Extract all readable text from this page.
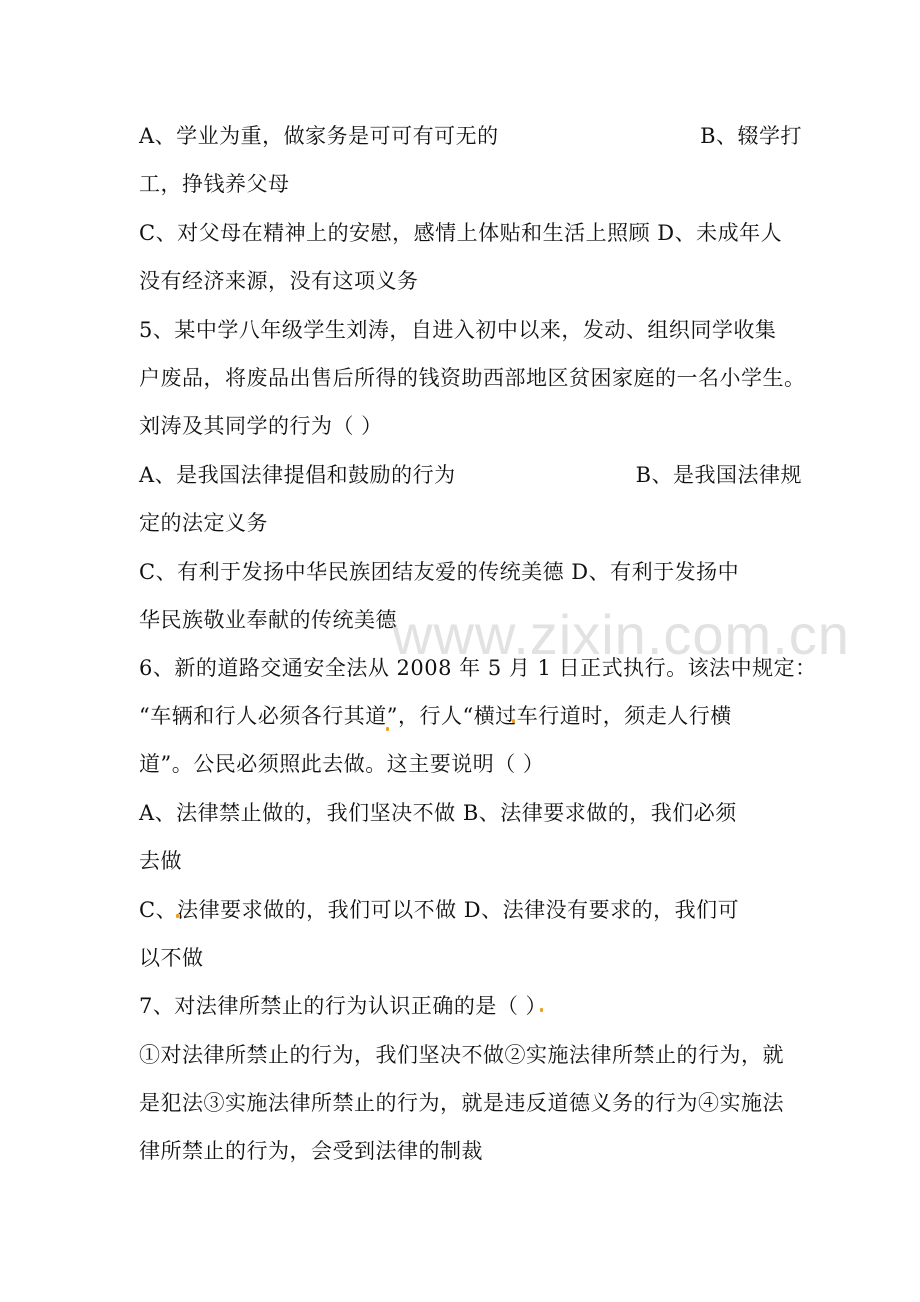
www.zixin.com.cn
A、学业为重，做家务是可可有可无的	B、辍学打
工，挣钱养父母
C、对父母在精神上的安慰，感情上体贴和生活上照顾 D、未成年人
没有经济来源，没有这项义务
5、某中学八年级学生刘涛，自进入初中以来，发动、组织同学收集
户废品，将废品出售后所得的钱资助西部地区贫困家庭的一名小学生。
刘涛及其同学的行为（ ）
A、是我国法律提倡和鼓励的行为	B、是我国法律规
定的法定义务
C、有利于发扬中华民族团结友爱的传统美德 D、有利于发扬中
华民族敬业奉献的传统美德
6、新的道路交通安全法从 2008 年 5 月 1 日正式执行。该法中规定：
“车辆和行人必须各行其道”，行人“横过车行道时，须走人行横
道”。公民必须照此去做。这主要说明（ ）
A、法律禁止做的，我们坚决不做 B、法律要求做的，我们必须
去做
C、法律要求做的，我们可以不做 D、法律没有要求的，我们可
以不做
7、对法律所禁止的行为认识正确的是（ ）
①对法律所禁止的行为，我们坚决不做②实施法律所禁止的行为，就
是犯法③实施法律所禁止的行为，就是违反道德义务的行为④实施法
律所禁止的行为，会受到法律的制裁
